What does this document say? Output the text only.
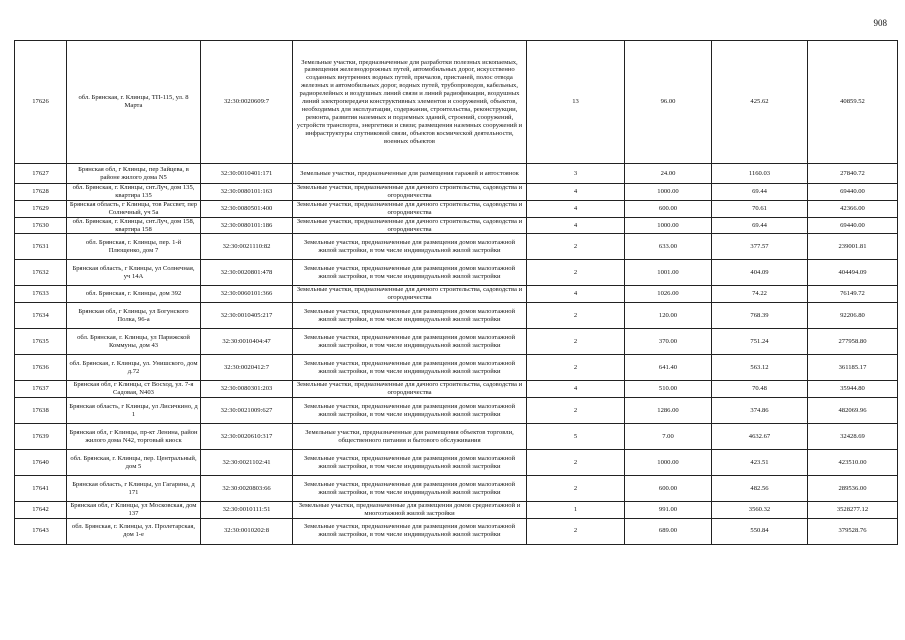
908
17626	обл. Брянская, г. Клинцы, ТП-115, ул. 8 Марта	32:30:0020609:7	Земельные участки, предназначенные для разработки полезных ископаемых, размещения железнодорожных путей, автомобильных дорог, искусственно созданных внутренних водных путей, причалов, пристаней, полос отвода железных и автомобильных дорог, водных путей, трубопроводов, кабельных, радиорелейных и воздушных линий связи и линий радиофикации, воздушных линий электропередачи конструктивных элементов и сооружений, объектов, необходимых для эксплуатации, содержания, строительства, реконструкции, ремонта, развития наземных и подземных зданий, строений, сооружений, устройств транспорта, энергетики и связи; размещения наземных сооружений и инфраструктуры спутниковой связи, объектов космической деятельности, военных объектов	13	96.00	425.62	40859.52
17627	Брянская обл, г Клинцы, пер Зайцева, в районе жилого дома N5	32:30:0010401:171	Земельные участки, предназначенные для размещения гаражей и автостоянок	3	24.00	1160.03	27840.72
17628	обл. Брянская, г. Клинцы, снт.Луч, дом 135, квартира 135	32:30:0080101:163	Земельные участки, предназначенные для дачного строительства, садоводства и огородничества	4	1000.00	69.44	69440.00
17629	Брянская область, г Клинцы, тов Рассвет, пер Солнечный, уч 5а	32:30:0080501:400	Земельные участки, предназначенные для дачного строительства, садоводства и огородничества	4	600.00	70.61	42366.00
17630	обл. Брянская, г. Клинцы, снт.Луч, дом 158, квартира 158	32:30:0080101:186	Земельные участки, предназначенные для дачного строительства, садоводства и огородничества	4	1000.00	69.44	69440.00
17631	обл. Брянская, г. Клинцы, пер. 1-й Плющенко, дом 7	32:30:0021110:82	Земельные участки, предназначенные для размещения домов малоэтажной жилой застройки, в том числе индивидуальной жилой застройки	2	633.00	377.57	239001.81
17632	Брянская область, г Клинцы, ул Солнечная, уч 14А	32:30:0020801:478	Земельные участки, предназначенные для размещения домов малоэтажной жилой застройки, в том числе индивидуальной жилой застройки	2	1001.00	404.09	404494.09
17633	обл. Брянская, г. Клинцы, дом 392	32:30:0060101:366	Земельные участки, предназначенные для дачного строительства, садоводства и огородничества	4	1026.00	74.22	76149.72
17634	Брянская обл, г Клинцы, ул Богунского Полка, 96-а	32:30:0010405:217	Земельные участки, предназначенные для размещения домов малоэтажной жилой застройки, в том числе индивидуальной жилой застройки	2	120.00	768.39	92206.80
17635	обл. Брянская, г. Клинцы, ул Парижской Коммуны, дом 43	32:30:0010404:47	Земельные участки, предназначенные для размещения домов малоэтажной жилой застройки, в том числе индивидуальной жилой застройки	2	370.00	751.24	277958.80
17636	обл. Брянская, г. Клинцы, ул. Унишского, дом д.72	32:30:0020412:7	Земельные участки, предназначенные для размещения домов малоэтажной жилой застройки, в том числе индивидуальной жилой застройки	2	641.40	563.12	361185.17
17637	Брянская обл, г Клинцы, ст Восход, ул. 7-я Садовая, N403	32:30:0080301:203	Земельные участки, предназначенные для дачного строительства, садоводства и огородничества	4	510.00	70.48	35944.80
17638	Брянская область, г Клинцы, ул Лисичкино, д 1	32:30:0021009:627	Земельные участки, предназначенные для размещения домов малоэтажной жилой застройки, в том числе индивидуальной жилой застройки	2	1286.00	374.86	482069.96
17639	Брянская обл, г Клинцы, пр-кт Ленина, район жилого дома N42, торговый киоск	32:30:0020610:317	Земельные участки, предназначенные для размещения объектов торговли, общественного питания и бытового обслуживания	5	7.00	4632.67	32428.69
17640	обл. Брянская, г. Клинцы, пер. Центральный, дом 5	32:30:0021102:41	Земельные участки, предназначенные для размещения домов малоэтажной жилой застройки, в том числе индивидуальной жилой застройки	2	1000.00	423.51	423510.00
17641	Брянская область, г Клинцы, ул Гагарина, д 171	32:30:0020803:66	Земельные участки, предназначенные для размещения домов малоэтажной жилой застройки, в том числе индивидуальной жилой застройки	2	600.00	482.56	289536.00
17642	Брянская обл, г Клинцы, ул Московская, дом 137	32:30:0010111:51	Земельные участки, предназначенные для размещения домов среднеэтажной и многоэтажной жилой застройки	1	991.00	3560.32	3528277.12
17643	обл. Брянская, г. Клинцы, ул. Пролетарская, дом 1-е	32:30:0010202:8	Земельные участки, предназначенные для размещения домов малоэтажной жилой застройки, в том числе индивидуальной жилой застройки	2	689.00	550.84	379528.76
